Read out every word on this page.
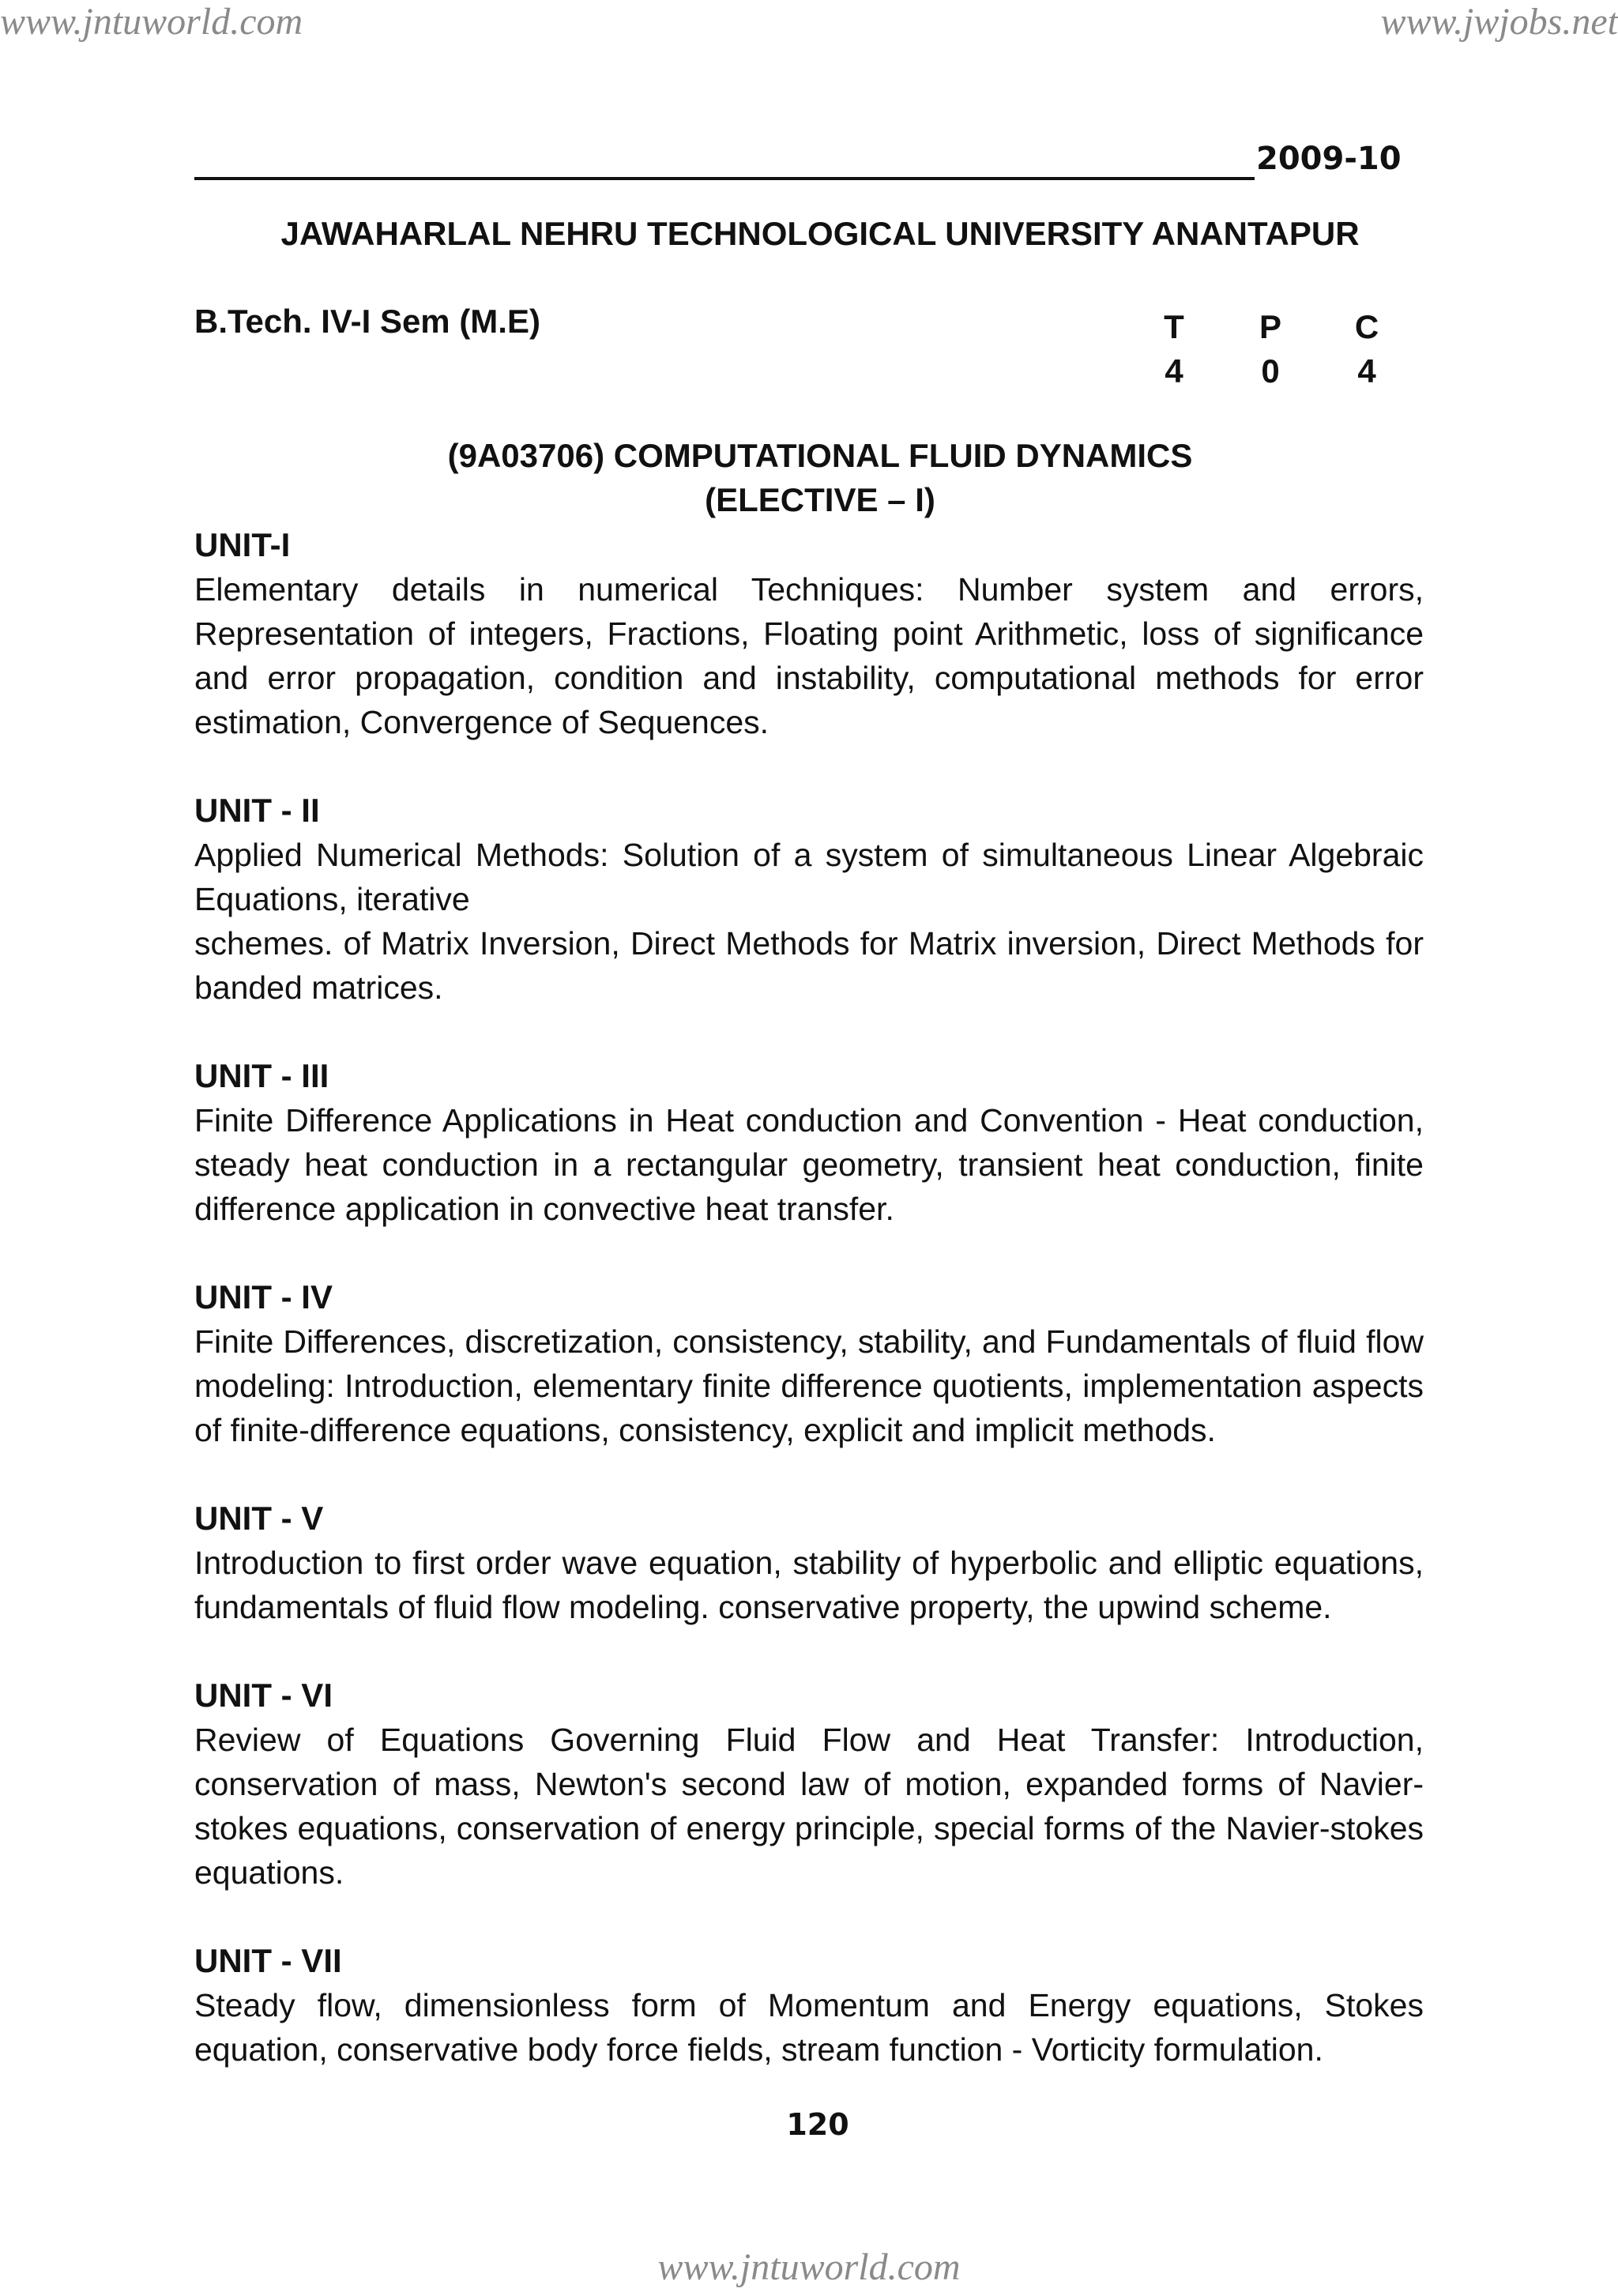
www.jntuworld.com	www.jwjobs.net
2009-10
JAWAHARLAL NEHRU TECHNOLOGICAL UNIVERSITY ANANTAPUR
B.Tech. IV-I Sem (M.E)	T
4
P
0
C
4
(9A03706) COMPUTATIONAL FLUID DYNAMICS
(ELECTIVE – I)
UNIT-I
Elementary details in numerical Techniques: Number system and errors, Representation of integers, Fractions, Floating point Arithmetic, loss of significance and error propagation, condition and instability, computational methods for error estimation, Convergence of Sequences.
UNIT - II
Applied Numerical Methods: Solution of a system of simultaneous Linear Algebraic Equations, iterative
schemes. of Matrix Inversion, Direct Methods for Matrix inversion, Direct Methods for banded matrices.
UNIT - III
Finite Difference Applications in Heat conduction and Convention - Heat conduction, steady heat conduction in a rectangular geometry, transient heat conduction, finite difference application in convective heat transfer.
UNIT - IV
Finite Differences, discretization, consistency, stability, and Fundamentals of fluid flow modeling: Introduction, elementary finite difference quotients, implementation aspects of finite-difference equations, consistency, explicit and implicit methods.
UNIT - V
Introduction to first order wave equation, stability of hyperbolic and elliptic equations, fundamentals of fluid flow modeling. conservative property, the upwind scheme.
UNIT - VI
Review of Equations Governing Fluid Flow and Heat Transfer: Introduction, conservation of mass, Newton's second law of motion, expanded forms of Navier-stokes equations, conservation of energy principle, special forms of the Navier-stokes equations.
UNIT - VII
Steady flow, dimensionless form of Momentum and Energy equations, Stokes equation, conservative body force fields, stream function - Vorticity formulation.
120
www.jntuworld.com
